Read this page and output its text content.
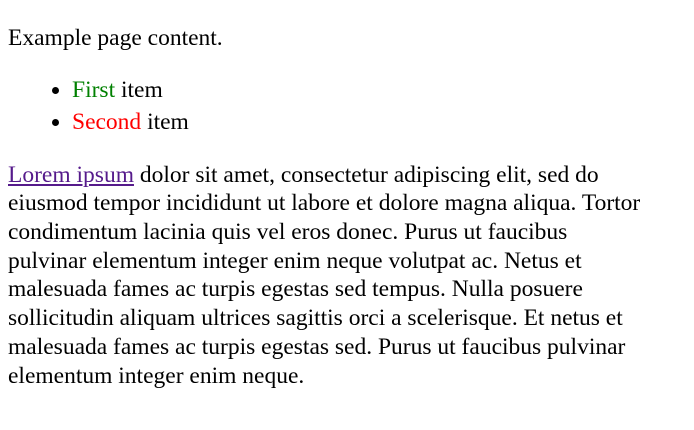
Example page content.

• First item
• Second item

Lorem ipsum dolor sit amet, consectetur adipiscing elit, sed do
eiusmod tempor incididunt ut labore et dolore magna aliqua. Tortor
condimentum lacinia quis vel eros donec. Purus ut faucibus
pulvinar elementum integer enim neque volutpat ac. Netus et
malesuada fames ac turpis egestas sed tempus. Nulla posuere
sollicitudin aliquam ultrices sagittis orci a scelerisque. Et netus et
malesuada fames ac turpis egestas sed. Purus ut faucibus pulvinar
elementum integer enim neque.
